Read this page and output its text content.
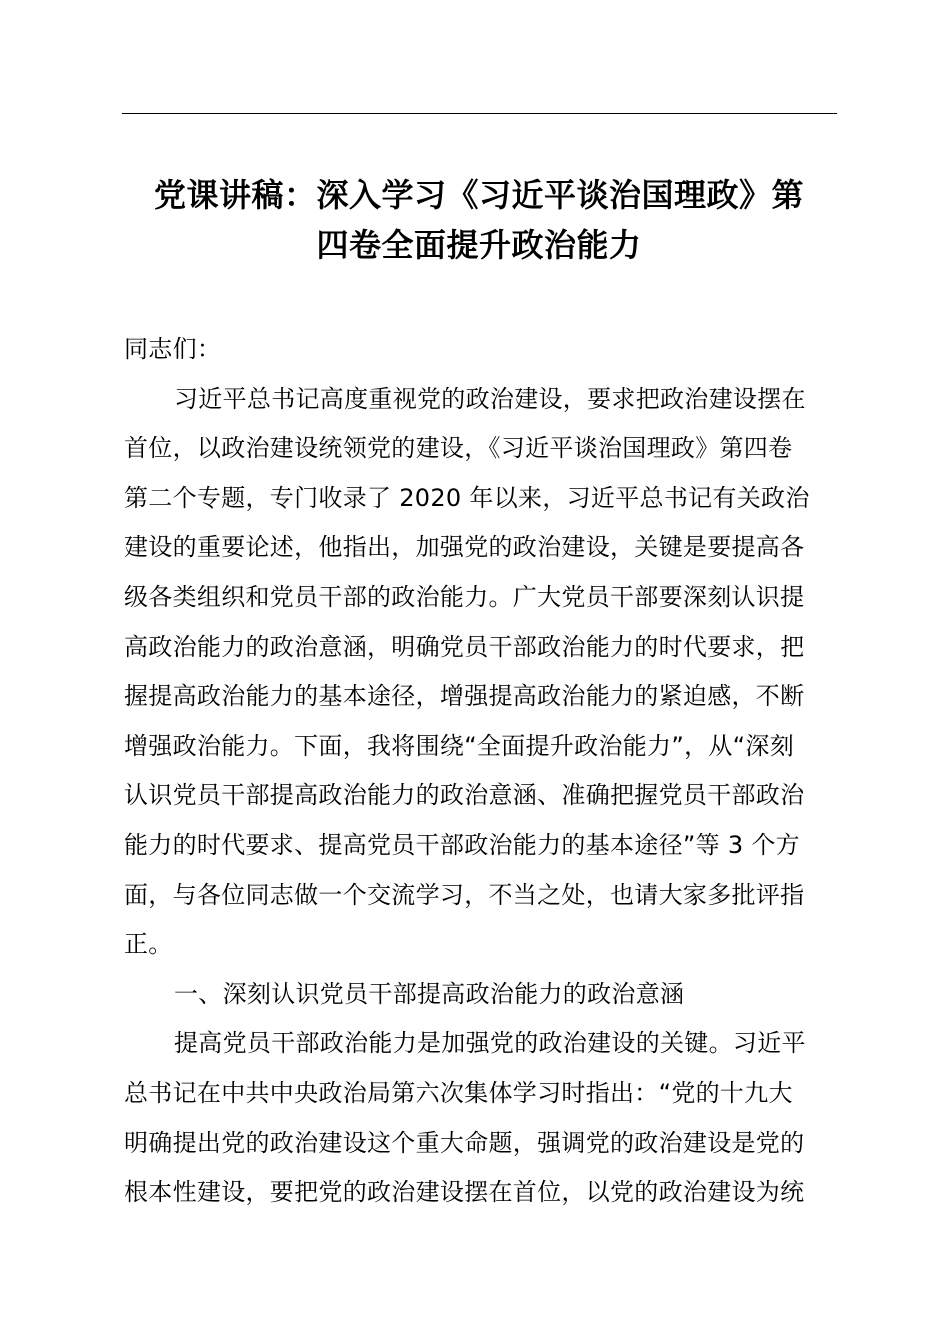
党课讲稿：深入学习《习近平谈治国理政》第
四卷全面提升政治能力
同志们：
习近平总书记高度重视党的政治建设，要求把政治建设摆在
首位，以政治建设统领党的建设，《习近平谈治国理政》第四卷
第二个专题，专门收录了 2020 年以来，习近平总书记有关政治
建设的重要论述，他指出，加强党的政治建设，关键是要提高各
级各类组织和党员干部的政治能力。广大党员干部要深刻认识提
高政治能力的政治意涵，明确党员干部政治能力的时代要求，把
握提高政治能力的基本途径，增强提高政治能力的紧迫感，不断
增强政治能力。下面，我将围绕“全面提升政治能力”，从“深刻
认识党员干部提高政治能力的政治意涵、准确把握党员干部政治
能力的时代要求、提高党员干部政治能力的基本途径”等 3 个方
面，与各位同志做一个交流学习，不当之处，也请大家多批评指
正。
一、深刻认识党员干部提高政治能力的政治意涵
提高党员干部政治能力是加强党的政治建设的关键。习近平
总书记在中共中央政治局第六次集体学习时指出：“党的十九大
明确提出党的政治建设这个重大命题，强调党的政治建设是党的
根本性建设，要把党的政治建设摆在首位，以党的政治建设为统
